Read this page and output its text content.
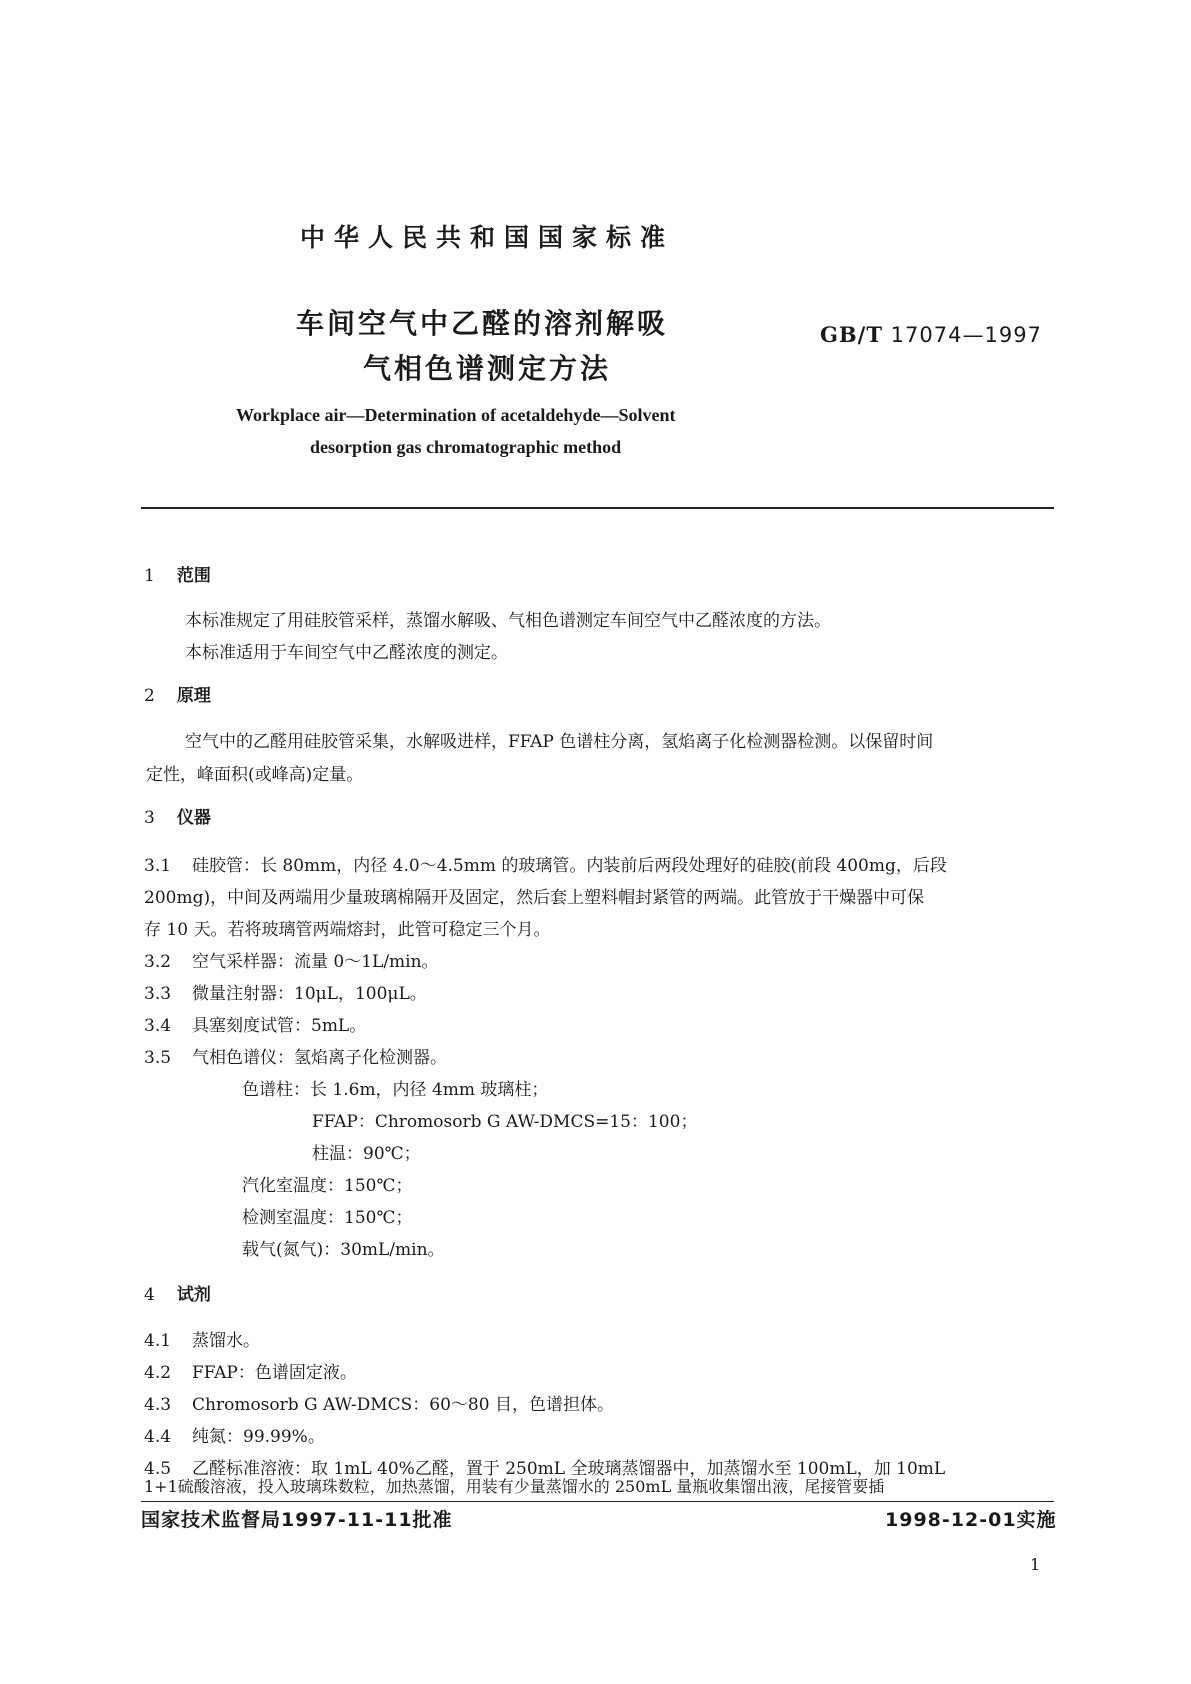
中华人民共和国国家标准
车间空气中乙醛的溶剂解吸
气相色谱测定方法
GB/T 17074—1997
Workplace air—Determination of acetaldehyde—Solvent
desorption gas chromatographic method
1 范围
本标准规定了用硅胶管采样，蒸馏水解吸、气相色谱测定车间空气中乙醛浓度的方法。
本标准适用于车间空气中乙醛浓度的测定。
2 原理
空气中的乙醛用硅胶管采集，水解吸进样，FFAP 色谱柱分离，氢焰离子化检测器检测。以保留时间
定性，峰面积(或峰高)定量。
3 仪器
3.1 硅胶管：长 80mm，内径 4.0～4.5mm 的玻璃管。内装前后两段处理好的硅胶(前段 400mg，后段
200mg)，中间及两端用少量玻璃棉隔开及固定，然后套上塑料帽封紧管的两端。此管放于干燥器中可保
存 10 天。若将玻璃管两端熔封，此管可稳定三个月。
3.2 空气采样器：流量 0～1L/min。
3.3 微量注射器：10μL，100μL。
3.4 具塞刻度试管：5mL。
3.5 气相色谱仪：氢焰离子化检测器。
色谱柱：长 1.6m，内径 4mm 玻璃柱；
FFAP：Chromosorb G AW-DMCS=15：100；
柱温：90℃；
汽化室温度：150℃；
检测室温度：150℃；
载气(氮气)：30mL/min。
4 试剂
4.1 蒸馏水。
4.2 FFAP：色谱固定液。
4.3 Chromosorb G AW-DMCS：60～80 目，色谱担体。
4.4 纯氮：99.99%。
4.5 乙醛标准溶液：取 1mL 40%乙醛，置于 250mL 全玻璃蒸馏器中，加蒸馏水至 100mL，加 10mL
1+1硫酸溶液，投入玻璃珠数粒，加热蒸馏，用装有少量蒸馏水的 250mL 量瓶收集馏出液，尾接管要插
国家技术监督局1997-11-11批准	1998-12-01实施
1
